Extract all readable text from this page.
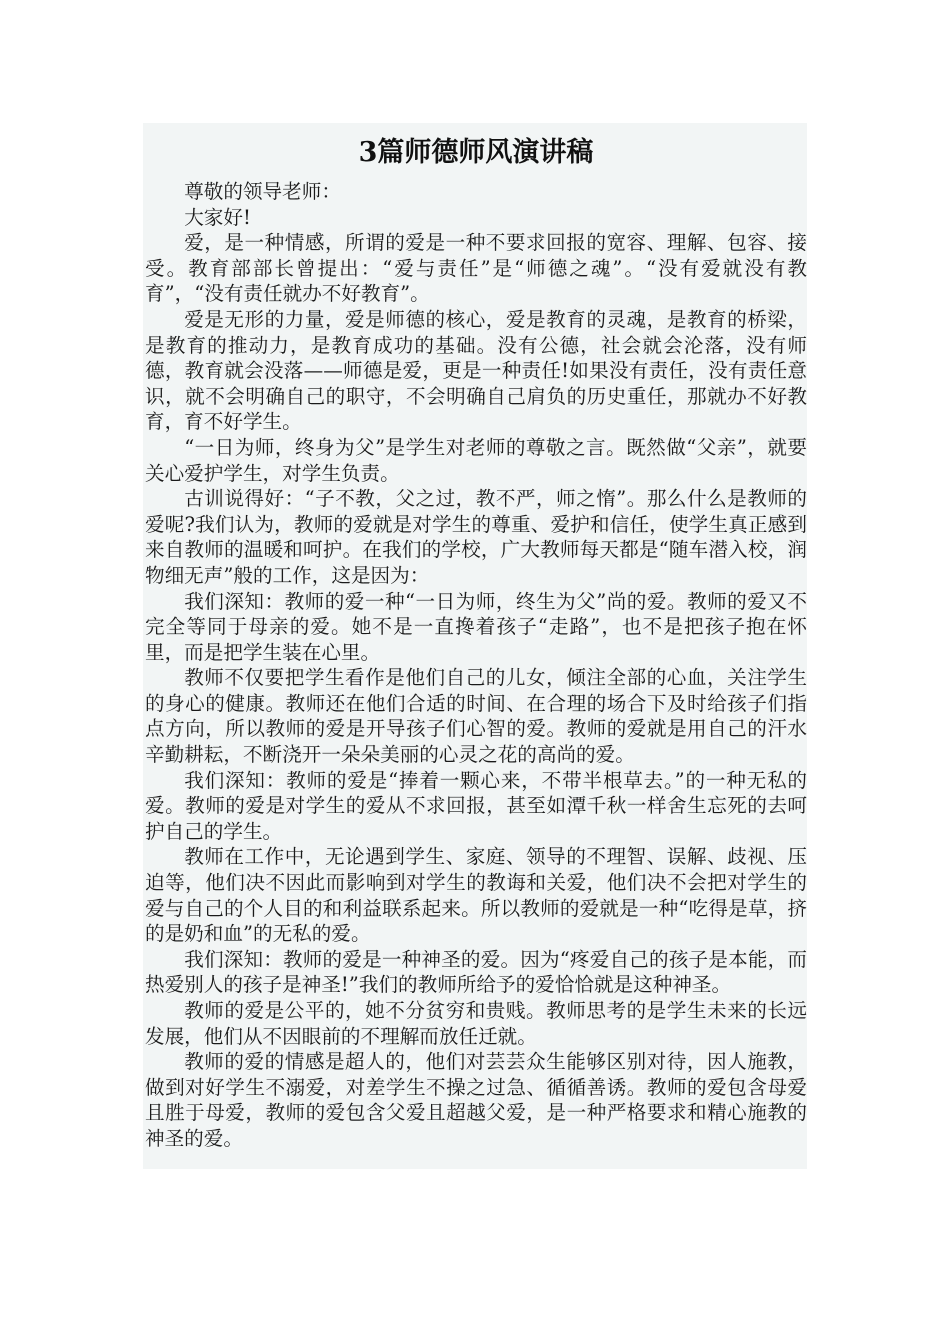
3篇师德师风演讲稿

尊敬的领导老师：

大家好!

爱，是一种情感，所谓的爱是一种不要求回报的宽容、理解、包容、接受。教育部部长曾提出：“爱与责任”是“师德之魂”。“没有爱就没有教育”，“没有责任就办不好教育”。

爱是无形的力量，爱是师德的核心，爱是教育的灵魂，是教育的桥梁，是教育的推动力，是教育成功的基础。没有公德，社会就会沦落，没有师德，教育就会没落——师德是爱，更是一种责任!如果没有责任，没有责任意识，就不会明确自己的职守，不会明确自己肩负的历史重任，那就办不好教育，育不好学生。

“一日为师，终身为父”是学生对老师的尊敬之言。既然做“父亲”，就要关心爱护学生，对学生负责。

古训说得好：“子不教，父之过，教不严，师之惰”。那么什么是教师的爱呢?我们认为，教师的爱就是对学生的尊重、爱护和信任，使学生真正感到来自教师的温暖和呵护。在我们的学校，广大教师每天都是“随车潜入校，润物细无声”般的工作，这是因为：

我们深知：教师的爱一种“一日为师，终生为父”尚的爱。教师的爱又不完全等同于母亲的爱。她不是一直搀着孩子“走路”，也不是把孩子抱在怀里，而是把学生装在心里。

教师不仅要把学生看作是他们自己的儿女，倾注全部的心血，关注学生的身心的健康。教师还在他们合适的时间、在合理的场合下及时给孩子们指点方向，所以教师的爱是开导孩子们心智的爱。教师的爱就是用自己的汗水辛勤耕耘，不断浇开一朵朵美丽的心灵之花的高尚的爱。

我们深知：教师的爱是“捧着一颗心来，不带半根草去。”的一种无私的爱。教师的爱是对学生的爱从不求回报，甚至如潭千秋一样舍生忘死的去呵护自己的学生。

教师在工作中，无论遇到学生、家庭、领导的不理智、误解、歧视、压迫等，他们决不因此而影响到对学生的教诲和关爱，他们决不会把对学生的爱与自己的个人目的和利益联系起来。所以教师的爱就是一种“吃得是草，挤的是奶和血”的无私的爱。

我们深知：教师的爱是一种神圣的爱。因为“疼爱自己的孩子是本能，而热爱别人的孩子是神圣!”我们的教师所给予的爱恰恰就是这种神圣。

教师的爱是公平的，她不分贫穷和贵贱。教师思考的是学生未来的长远发展，他们从不因眼前的不理解而放任迁就。

教师的爱的情感是超人的，他们对芸芸众生能够区别对待，因人施教，做到对好学生不溺爱，对差学生不操之过急、循循善诱。教师的爱包含母爱且胜于母爱，教师的爱包含父爱且超越父爱，是一种严格要求和精心施教的神圣的爱。
